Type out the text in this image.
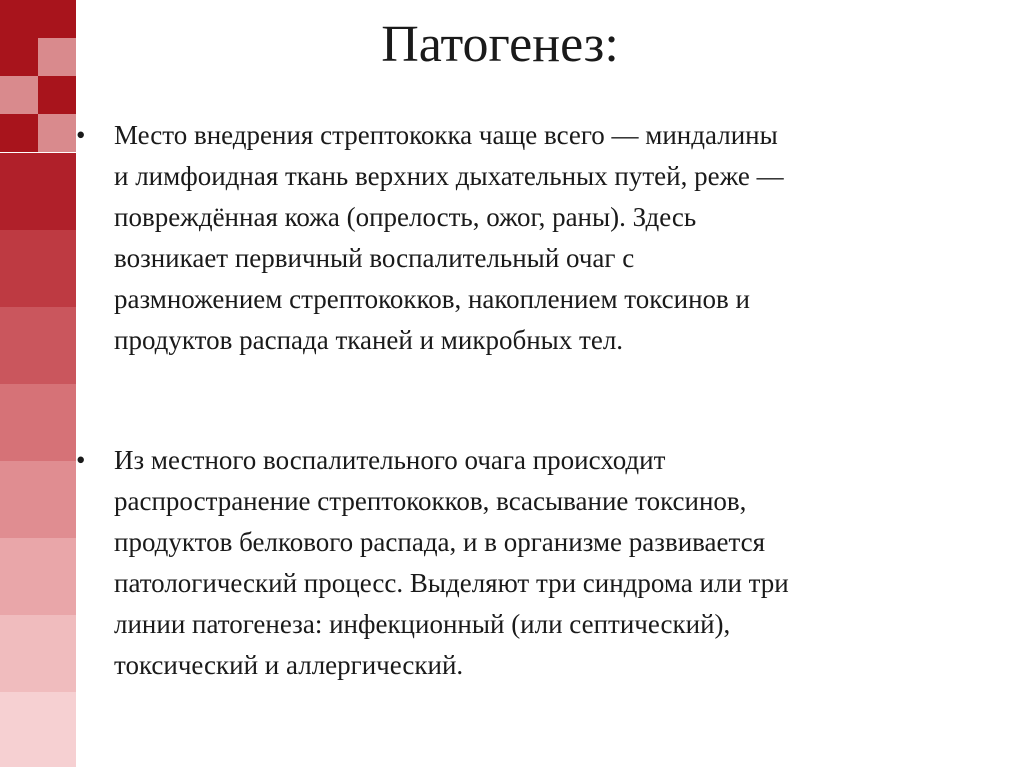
Патогенез:
•	Место внедрения стрептококка чаще всего — миндалины
и лимфоидная ткань верхних дыхательных путей, реже —
повреждённая кожа (опрелость, ожог, раны). Здесь
возникает первичный воспалительный очаг с
размножением стрептококков, накоплением токсинов и
продуктов распада тканей и микробных тел.
•	Из местного воспалительного очага происходит
распространение стрептококков, всасывание токсинов,
продуктов белкового распада, и в организме развивается
патологический процесс. Выделяют три синдрома или три
линии патогенеза: инфекционный (или септический),
токсический и аллергический.
